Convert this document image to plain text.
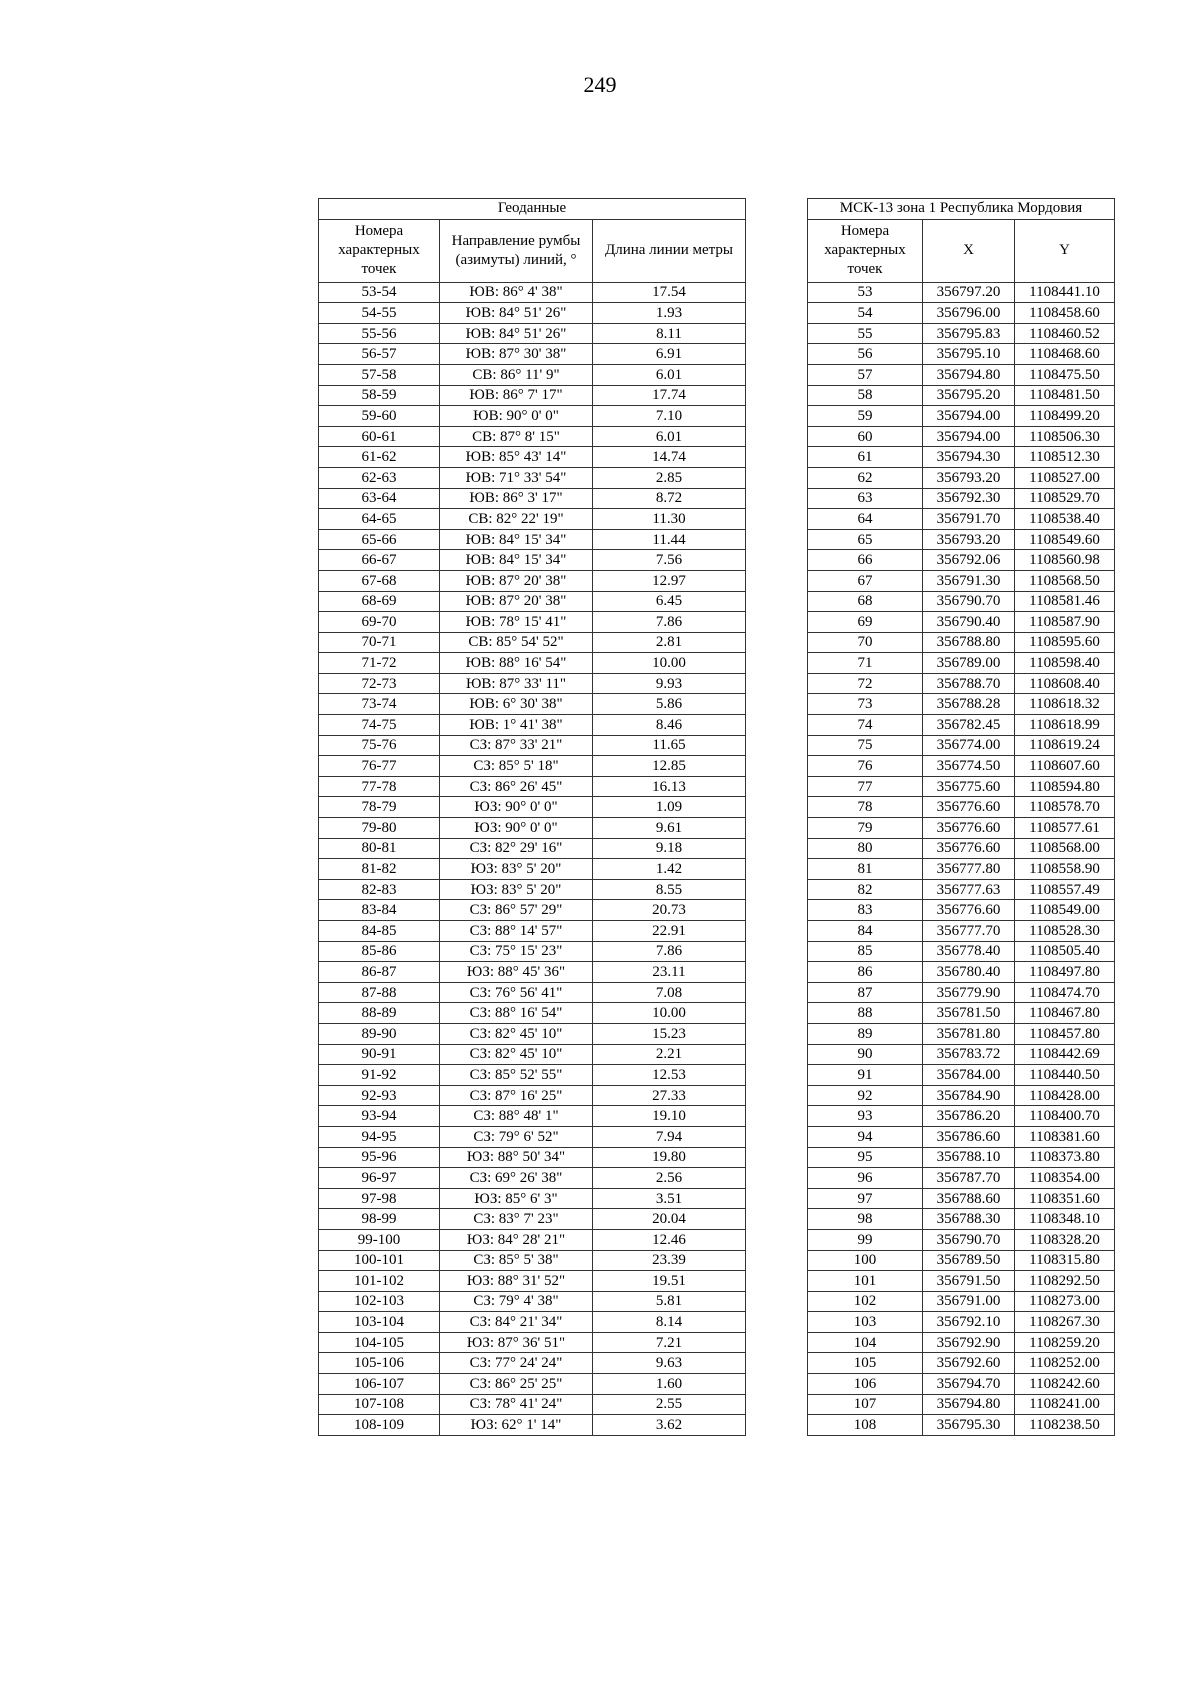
249
Геоданные		
Номера характерных точек	Направление румбы (азимуты) линий, °	Длина линии метры
53-54	ЮВ: 86° 4' 38"	17.54
54-55	ЮВ: 84° 51' 26"	1.93
55-56	ЮВ: 84° 51' 26"	8.11
56-57	ЮВ: 87° 30' 38"	6.91
57-58	СВ: 86° 11' 9"	6.01
58-59	ЮВ: 86° 7' 17"	17.74
59-60	ЮВ: 90° 0' 0"	7.10
60-61	СВ: 87° 8' 15"	6.01
61-62	ЮВ: 85° 43' 14"	14.74
62-63	ЮВ: 71° 33' 54"	2.85
63-64	ЮВ: 86° 3' 17"	8.72
64-65	СВ: 82° 22' 19"	11.30
65-66	ЮВ: 84° 15' 34"	11.44
66-67	ЮВ: 84° 15' 34"	7.56
67-68	ЮВ: 87° 20' 38"	12.97
68-69	ЮВ: 87° 20' 38"	6.45
69-70	ЮВ: 78° 15' 41"	7.86
70-71	СВ: 85° 54' 52"	2.81
71-72	ЮВ: 88° 16' 54"	10.00
72-73	ЮВ: 87° 33' 11"	9.93
73-74	ЮВ: 6° 30' 38"	5.86
74-75	ЮВ: 1° 41' 38"	8.46
75-76	СЗ: 87° 33' 21"	11.65
76-77	СЗ: 85° 5' 18"	12.85
77-78	СЗ: 86° 26' 45"	16.13
78-79	ЮЗ: 90° 0' 0"	1.09
79-80	ЮЗ: 90° 0' 0"	9.61
80-81	СЗ: 82° 29' 16"	9.18
81-82	ЮЗ: 83° 5' 20"	1.42
82-83	ЮЗ: 83° 5' 20"	8.55
83-84	СЗ: 86° 57' 29"	20.73
84-85	СЗ: 88° 14' 57"	22.91
85-86	СЗ: 75° 15' 23"	7.86
86-87	ЮЗ: 88° 45' 36"	23.11
87-88	СЗ: 76° 56' 41"	7.08
88-89	СЗ: 88° 16' 54"	10.00
89-90	СЗ: 82° 45' 10"	15.23
90-91	СЗ: 82° 45' 10"	2.21
91-92	СЗ: 85° 52' 55"	12.53
92-93	СЗ: 87° 16' 25"	27.33
93-94	СЗ: 88° 48' 1"	19.10
94-95	СЗ: 79° 6' 52"	7.94
95-96	ЮЗ: 88° 50' 34"	19.80
96-97	СЗ: 69° 26' 38"	2.56
97-98	ЮЗ: 85° 6' 3"	3.51
98-99	СЗ: 83° 7' 23"	20.04
99-100	ЮЗ: 84° 28' 21"	12.46
100-101	СЗ: 85° 5' 38"	23.39
101-102	ЮЗ: 88° 31' 52"	19.51
102-103	СЗ: 79° 4' 38"	5.81
103-104	СЗ: 84° 21' 34"	8.14
104-105	ЮЗ: 87° 36' 51"	7.21
105-106	СЗ: 77° 24' 24"	9.63
106-107	СЗ: 86° 25' 25"	1.60
107-108	СЗ: 78° 41' 24"	2.55
108-109	ЮЗ: 62° 1' 14"	3.62
МСК-13 зона 1 Республика Мордовия		
Номера характерных точек	X	Y
53	356797.20	1108441.10
54	356796.00	1108458.60
55	356795.83	1108460.52
56	356795.10	1108468.60
57	356794.80	1108475.50
58	356795.20	1108481.50
59	356794.00	1108499.20
60	356794.00	1108506.30
61	356794.30	1108512.30
62	356793.20	1108527.00
63	356792.30	1108529.70
64	356791.70	1108538.40
65	356793.20	1108549.60
66	356792.06	1108560.98
67	356791.30	1108568.50
68	356790.70	1108581.46
69	356790.40	1108587.90
70	356788.80	1108595.60
71	356789.00	1108598.40
72	356788.70	1108608.40
73	356788.28	1108618.32
74	356782.45	1108618.99
75	356774.00	1108619.24
76	356774.50	1108607.60
77	356775.60	1108594.80
78	356776.60	1108578.70
79	356776.60	1108577.61
80	356776.60	1108568.00
81	356777.80	1108558.90
82	356777.63	1108557.49
83	356776.60	1108549.00
84	356777.70	1108528.30
85	356778.40	1108505.40
86	356780.40	1108497.80
87	356779.90	1108474.70
88	356781.50	1108467.80
89	356781.80	1108457.80
90	356783.72	1108442.69
91	356784.00	1108440.50
92	356784.90	1108428.00
93	356786.20	1108400.70
94	356786.60	1108381.60
95	356788.10	1108373.80
96	356787.70	1108354.00
97	356788.60	1108351.60
98	356788.30	1108348.10
99	356790.70	1108328.20
100	356789.50	1108315.80
101	356791.50	1108292.50
102	356791.00	1108273.00
103	356792.10	1108267.30
104	356792.90	1108259.20
105	356792.60	1108252.00
106	356794.70	1108242.60
107	356794.80	1108241.00
108	356795.30	1108238.50
